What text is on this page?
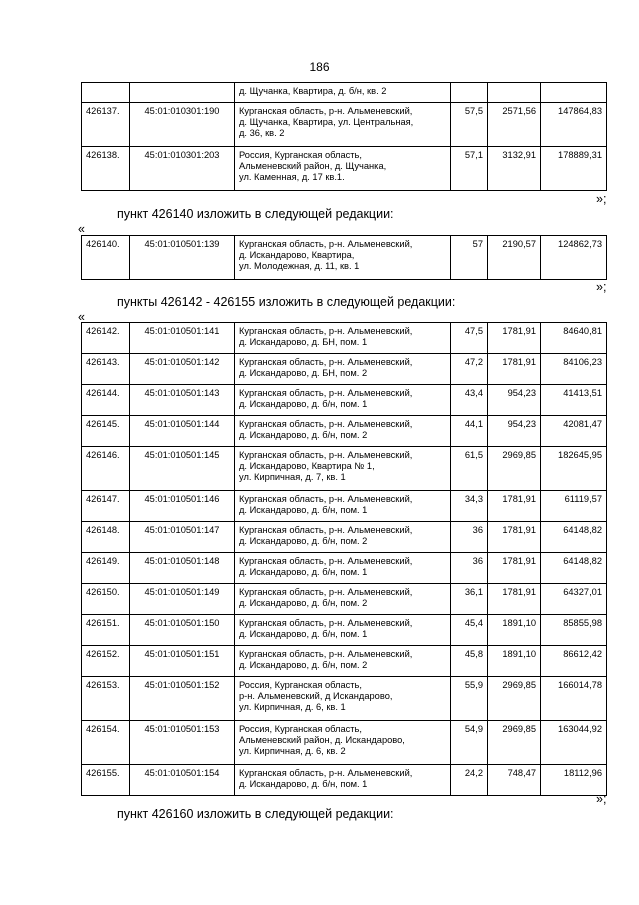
186
		д. Щучанка, Квартира, д. б/н, кв. 2			
426137.	45:01:010301:190	Курганская область, р-н. Альменевский,
д. Щучанка, Квартира, ул. Центральная,
д. 36, кв. 2	57,5	2571,56	147864,83
426138.	45:01:010301:203	Россия, Курганская область,
Альменевский район, д. Щучанка,
ул. Каменная, д. 17 кв.1.	57,1	3132,91	178889,31
»;
пункт 426140 изложить в следующей редакции:
«
426140.	45:01:010501:139	Курганская область, р-н. Альменевский,
д. Искандарово, Квартира,
ул. Молодежная, д. 11, кв. 1	57	2190,57	124862,73
»;
пункты 426142 - 426155 изложить в следующей редакции:
«
426142.	45:01:010501:141	Курганская область, р-н. Альменевский,
д. Искандарово, д. БН, пом. 1	47,5	1781,91	84640,81
426143.	45:01:010501:142	Курганская область, р-н. Альменевский,
д. Искандарово, д. БН, пом. 2	47,2	1781,91	84106,23
426144.	45:01:010501:143	Курганская область, р-н. Альменевский,
д. Искандарово, д. б/н, пом. 1	43,4	954,23	41413,51
426145.	45:01:010501:144	Курганская область, р-н. Альменевский,
д. Искандарово, д. б/н, пом. 2	44,1	954,23	42081,47
426146.	45:01:010501:145	Курганская область, р-н. Альменевский,
д. Искандарово, Квартира № 1,
ул. Кирпичная, д. 7, кв. 1	61,5	2969,85	182645,95
426147.	45:01:010501:146	Курганская область, р-н. Альменевский,
д. Искандарово, д. б/н, пом. 1	34,3	1781,91	61119,57
426148.	45:01:010501:147	Курганская область, р-н. Альменевский,
д. Искандарово, д. б/н, пом. 2	36	1781,91	64148,82
426149.	45:01:010501:148	Курганская область, р-н. Альменевский,
д. Искандарово, д. б/н, пом. 1	36	1781,91	64148,82
426150.	45:01:010501:149	Курганская область, р-н. Альменевский,
д. Искандарово, д. б/н, пом. 2	36,1	1781,91	64327,01
426151.	45:01:010501:150	Курганская область, р-н. Альменевский,
д. Искандарово, д. б/н, пом. 1	45,4	1891,10	85855,98
426152.	45:01:010501:151	Курганская область, р-н. Альменевский,
д. Искандарово, д. б/н, пом. 2	45,8	1891,10	86612,42
426153.	45:01:010501:152	Россия, Курганская область,
р-н. Альменевский, д Искандарово,
ул. Кирпичная, д. 6, кв. 1	55,9	2969,85	166014,78
426154.	45:01:010501:153	Россия, Курганская область,
Альменевский район, д. Искандарово,
ул. Кирпичная, д. 6, кв. 2	54,9	2969,85	163044,92
426155.	45:01:010501:154	Курганская область, р-н. Альменевский,
д. Искандарово, д. б/н, пом. 1	24,2	748,47	18112,96
»;
пункт 426160 изложить в следующей редакции:
